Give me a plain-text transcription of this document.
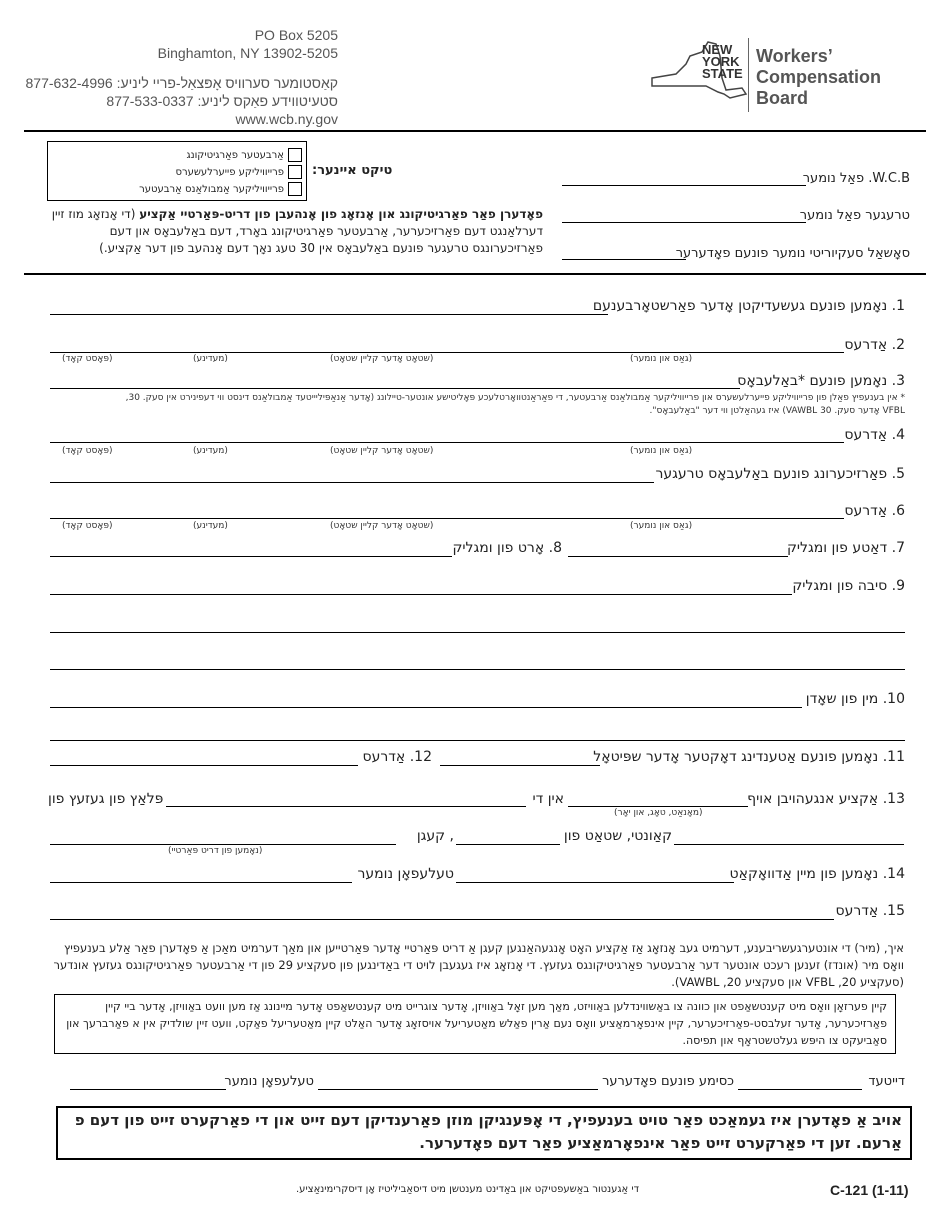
PO Box 5205
Binghamton, NY 13902-5205
קאַסטומער סערוויס אָפּצאַל-פריי ליניע: 877-632-4996
סטעיטווידע פאַקס ליניע: 877-533-0337
www.wcb.ny.gov
NEW
YORK
STATE
Workers’
Compensation
Board
אַרבעטער פאַרגיטיקונג
פרייוויליקע פייערלעשערס
פרייוויליקער אַמבולאַנס אַרבעטער
טיקט איינער:
פאָדערן פאַר פאַרגיטיקונג און אָנזאָג פון אָנהעבן פון דריט-פּאַרטיי אַקציע (די אָנזאָג מוז זיין דערלאַנגט דעם פאַרזיכערער, אַרבעטער פאַרגיטיקונג באָרד, דעם באַלעבאָס און דעם פאַרזיכערונגס טרעגער פונעם באַלעבאָס אין 30 טעג נאָך דעם אָנהעב פון דער אַקציע.)
W.C.B. פאַל נומער
טרעגער פאַל נומער
סאָשאַל סעקיוריטי נומער פונעם פאָדערער
1. נאָמען פונעם געשעדיקטן אָדער פאַרשטאָרבענעם
2. אַדרעס
(גאַס און נומער)
(שטאָט אָדער קליין שטאָט)
(מעדינע)
(פּאָסט קאָד)
3. נאָמען פונעם *באַלעבאָס
* אין בענעפיץ פאַלן פון פרייוויליקע פייערלעשערס און פרייוויליקער אַמבולאַנס אַרבעטער, די פאַראַנטוואָרטלעכע פּאָליטישע אונטער-טיילונג (אָדער אַנאַפּיליייטעד אַמבולאַנס דינסט ווי דעפינירט אין סעק. 30,
VFBL אָדער סעק. 30 VAWBL) איז געהאַלטן ווי דער "באַלעבאָס".
4. אַדרעס
(גאַס און נומער)
(שטאָט אָדער קליין שטאָט)
(מעדינע)
(פּאָסט קאָד)
5. פאַרזיכערונג פונעם באַלעבאָס טרעגער
6. אַדרעס
(גאַס און נומער)
(שטאָט אָדער קליין שטאָט)
(מעדינע)
(פּאָסט קאָד)
7. דאַטע פון ומגליק
8. אָרט פון ומגליק
9. סיבה פון ומגליק
10. מין פון שאָדן
11. נאָמען פונעם אַטענדינג דאָקטער אָדער שפּיטאָל
12. אַדרעס
13. אַקציע אנגעהויבן אויף
(מאָנאַט, טאָג, און יאָר)
אין די
פּלאַץ פון געזעץ פון
קאַונטי, שטאַט פון
, קעגן
(נאָמען פון דריט פּאַרטיי)
14. נאָמען פון מיין אַדוואָקאַט
טעלעפאָן נומער
15. אַדרעס
איך, (מיר) די אונטערגעשריבענע, דערמיט געב אָנזאָג אַז אַקציע האָט אָנגעהאַנגען קעגן אַ דריט פּאַרטיי אָדער פּאַרטייען און מאַך דערמיט מאַכן אַ פאָדערן פאַר אַלע בענעפיץ וואָס מיר (אונדז) זענען רעכט אונטער דער אַרבעטער פאַרגיטיקונגס געזעץ. די אָנזאָג איז געגעבן לויט די באַדינגען פון סעקציע 29 פון די אַרבעטער פאַרגיטיקונגס געזעץ אונדער (סעקציע 20, VFBL און סעקציע 20, VAWBL).
קיין פערזאָן וואָס מיט קענטשאַפט און כוונה צו באַשווינדלען באַוויזט, מאַך מען זאָל באַוויזן, אָדער צוגרייט מיט קענטשאַפט אָדער מיינונג אַז מען וועט באַוויזן, אָדער ביי קיין פאַרזיכערער, אָדער זעלבסט-פאַרזיכערער, קיין אינפאָרמאַציע וואָס נעם אַרין פאַלש מאַטעריעל אויסזאָג אָדער האַלט קיין מאַטעריעל פאַקט, וועט זיין שולדיק אין א פאַרברעך און סאַביעקט צו היפּש געלטשטראָף און תפיסה.
דייטעד
כסימע פונעם פאָדערער
טעלעפאָן נומער
אויב אַ פאָדערן איז געמאַכט פאַר טויט בענעפיץ, די אָפּענגיקן מוזן פאַרענדיקן דעם זייט און די פאַרקערט זייט פון דעם פ
אַרעם. זען די פאַרקערט זייט פאַר אינפאָרמאַציע פאַר דעם פאָדערער.
די אַגענטור באַשעפטיקט און באַדינט מענטשן מיט דיסאַביליטיז אָן דיסקרימינאַציע.	C-121 (1-11)
